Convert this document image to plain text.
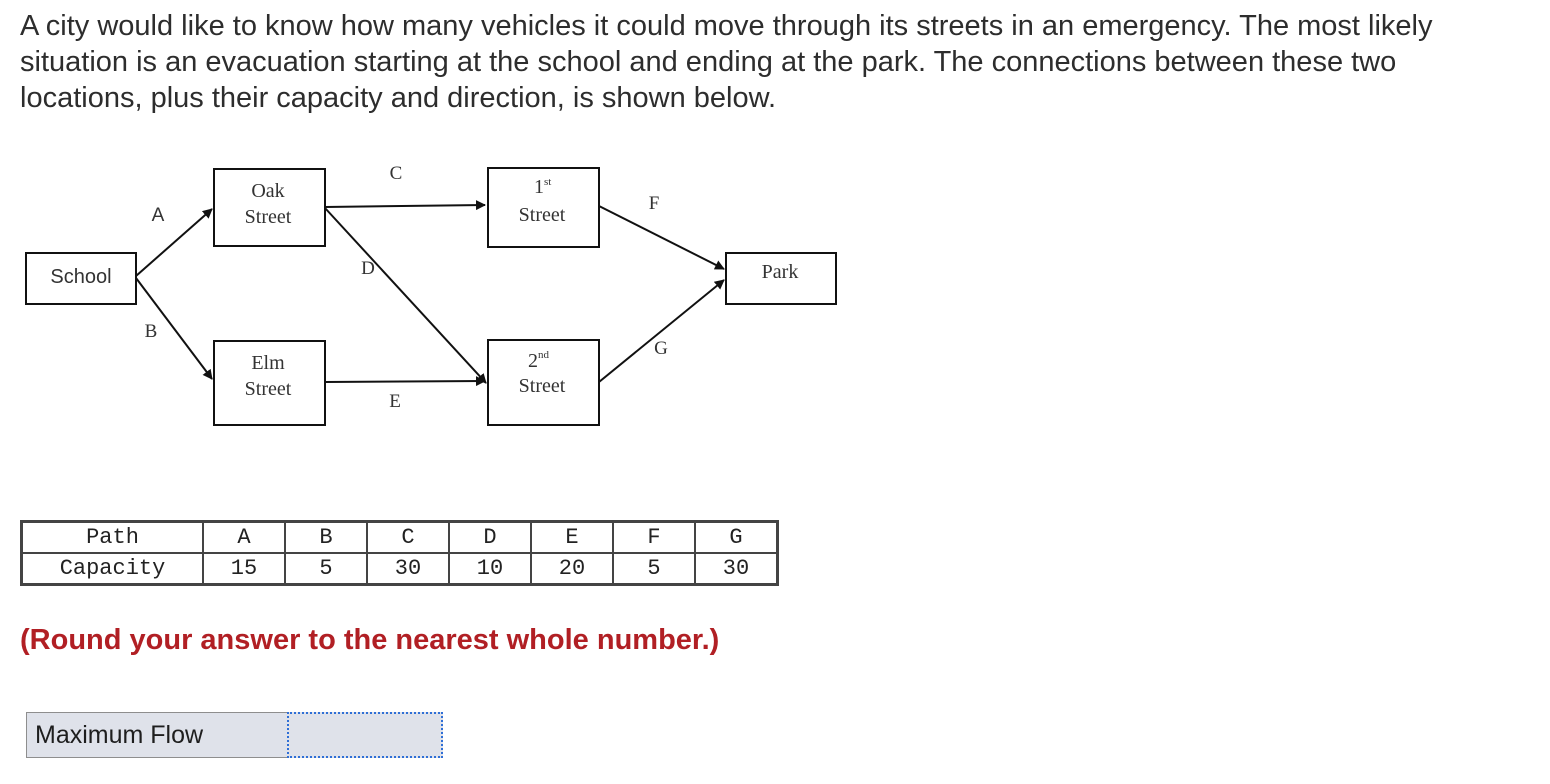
A city would like to know how many vehicles it could move through its streets in an emergency. The most likely situation is an evacuation starting at the school and ending at the park. The connections between these two locations, plus their capacity and direction, is shown below.

School
Oak
Street
Elm
Street
1 st
Street
2 nd
Street
Park
A
B
C
D
E
F
G
Path	A	B	C	D	E	F	G
Capacity	15	5	30	10	20	5	30

(Round your answer to the nearest whole number.)

Maximum Flow
